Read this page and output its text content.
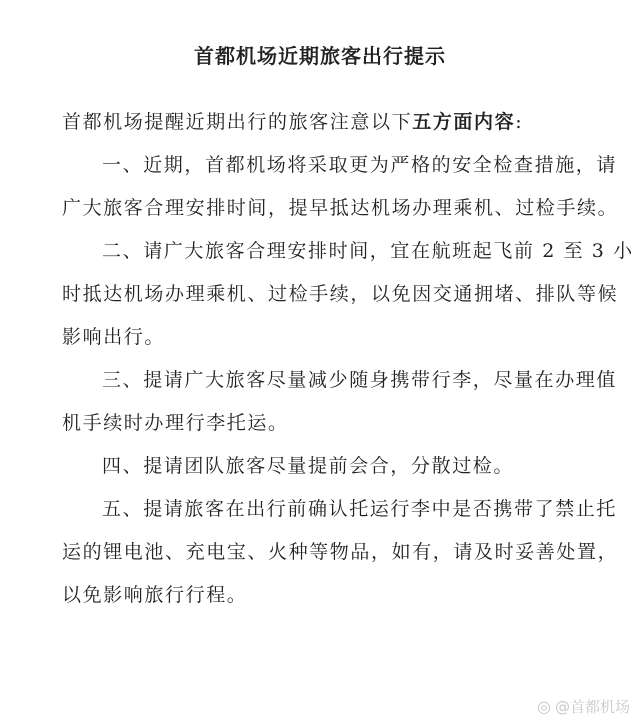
首都机场近期旅客出行提示
首都机场提醒近期出行的旅客注意以下五方面内容:
一、近期，首都机场将采取更为严格的安全检查措施，请
广大旅客合理安排时间，提早抵达机场办理乘机、过检手续。
二、请广大旅客合理安排时间，宜在航班起飞前 2 至 3 小
时抵达机场办理乘机、过检手续，以免因交通拥堵、排队等候
影响出行。
三、提请广大旅客尽量减少随身携带行李，尽量在办理值
机手续时办理行李托运。
四、提请团队旅客尽量提前会合，分散过检。
五、提请旅客在出行前确认托运行李中是否携带了禁止托
运的锂电池、充电宝、火种等物品，如有，请及时妥善处置，
以免影响旅行行程。
◎ @首都机场
